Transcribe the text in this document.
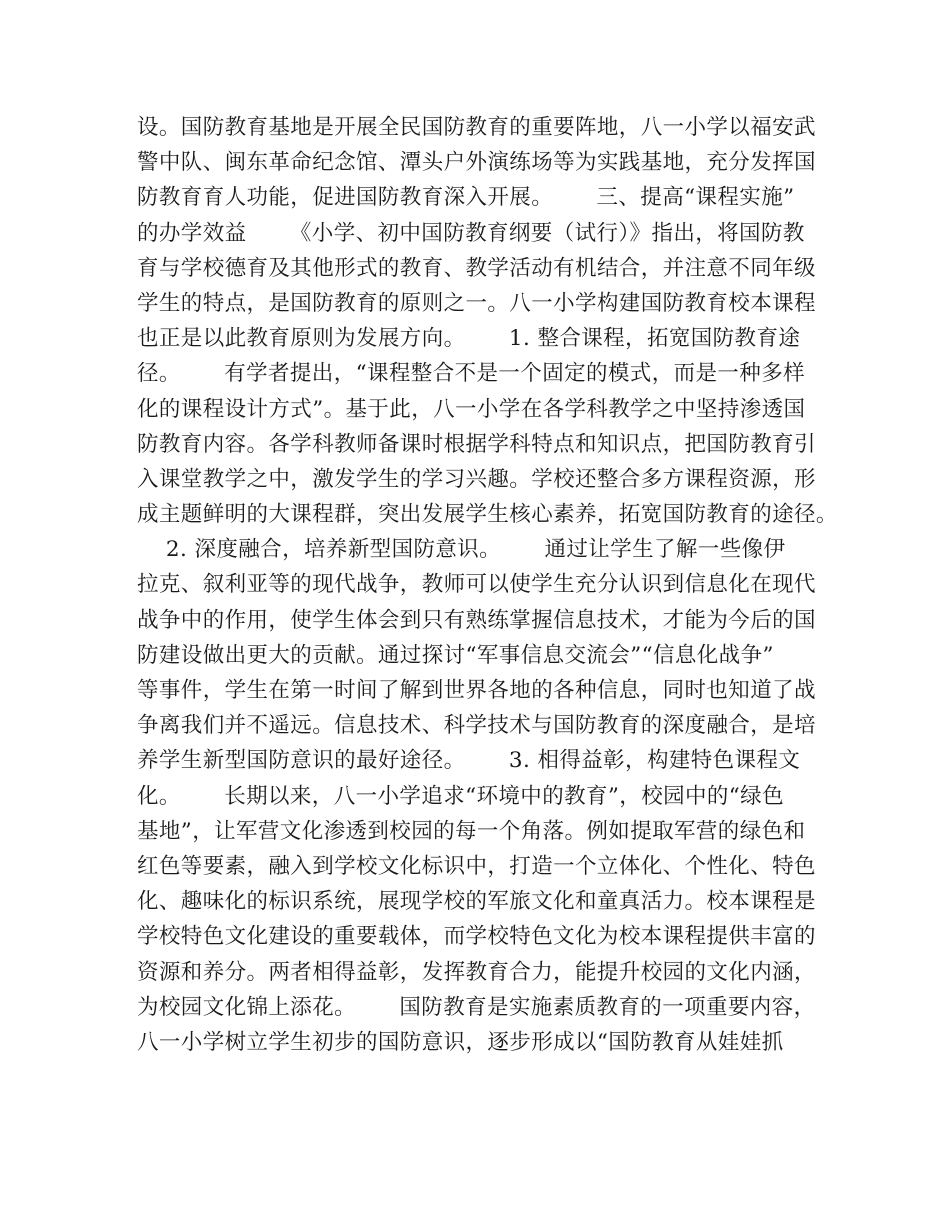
设。国防教育基地是开展全民国防教育的重要阵地，八一小学以福安武
警中队、闽东革命纪念馆、潭头户外演练场等为实践基地，充分发挥国
防教育育人功能，促进国防教育深入开展。      三、提高“课程实施”
的办学效益      《小学、初中国防教育纲要（试行）》指出，将国防教
育与学校德育及其他形式的教育、教学活动有机结合，并注意不同年级
学生的特点，是国防教育的原则之一。八一小学构建国防教育校本课程
也正是以此教育原则为发展方向。      1. 整合课程，拓宽国防教育途
径。      有学者提出，“课程整合不是一个固定的模式，而是一种多样
化的课程设计方式”。基于此，八一小学在各学科教学之中坚持渗透国
防教育内容。各学科教师备课时根据学科特点和知识点，把国防教育引
入课堂教学之中，激发学生的学习兴趣。学校还整合多方课程资源，形
成主题鲜明的大课程群，突出发展学生核心素养，拓宽国防教育的途径。
2. 深度融合，培养新型国防意识。      通过让学生了解一些像伊
拉克、叙利亚等的现代战争，教师可以使学生充分认识到信息化在现代
战争中的作用，使学生体会到只有熟练掌握信息技术，才能为今后的国
防建设做出更大的贡献。通过探讨“军事信息交流会”“信息化战争”
等事件，学生在第一时间了解到世界各地的各种信息，同时也知道了战
争离我们并不遥远。信息技术、科学技术与国防教育的深度融合，是培
养学生新型国防意识的最好途径。      3. 相得益彰，构建特色课程文
化。      长期以来，八一小学追求“环境中的教育”，校园中的“绿色
基地”，让军营文化渗透到校园的每一个角落。例如提取军营的绿色和
红色等要素，融入到学校文化标识中，打造一个立体化、个性化、特色
化、趣味化的标识系统，展现学校的军旅文化和童真活力。校本课程是
学校特色文化建设的重要载体，而学校特色文化为校本课程提供丰富的
资源和养分。两者相得益彰，发挥教育合力，能提升校园的文化内涵，
为校园文化锦上添花。      国防教育是实施素质教育的一项重要内容，
八一小学树立学生初步的国防意识，逐步形成以“国防教育从娃娃抓
